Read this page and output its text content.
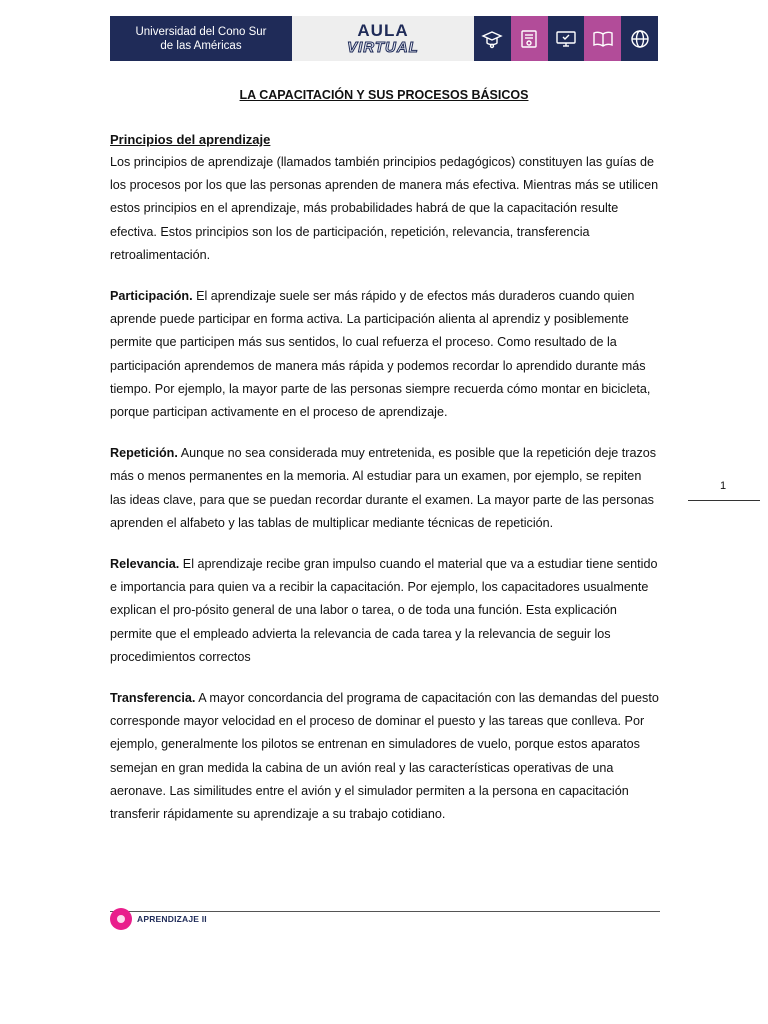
Universidad del Cono Sur
de las Américas
AULA
VIRTUAL
LA CAPACITACIÓN Y SUS PROCESOS BÁSICOS
Principios del aprendizaje

Los principios de aprendizaje (llamados también principios pedagógicos) constituyen las guías de los procesos por los que las personas aprenden de manera más efectiva. Mientras más se utilicen estos principios en el aprendizaje, más probabilidades habrá de que la capacitación resulte efectiva. Estos principios son los de participación, repetición, relevancia, transferencia retroalimentación.

Participación. El aprendizaje suele ser más rápido y de efectos más duraderos cuando quien aprende puede participar en forma activa. La participación alienta al aprendiz y posiblemente permite que participen más sus sentidos, lo cual refuerza el proceso. Como resultado de la participación aprendemos de manera más rápida y podemos recordar lo aprendido durante más tiempo. Por ejemplo, la mayor parte de las personas siempre recuerda cómo montar en bicicleta, porque participan activamente en el proceso de aprendizaje.

Repetición. Aunque no sea considerada muy entretenida, es posible que la repetición deje trazos más o menos permanentes en la memoria. Al estudiar para un examen, por ejemplo, se repiten las ideas clave, para que se puedan recordar durante el examen. La mayor parte de las personas aprenden el alfabeto y las tablas de multiplicar mediante técnicas de repetición.

Relevancia. El aprendizaje recibe gran impulso cuando el material que va a estudiar tiene sentido e importancia para quien va a recibir la capacitación. Por ejemplo, los capacitadores usualmente explican el pro-pósito general de una labor o tarea, o de toda una función. Esta explicación permite que el empleado advierta la relevancia de cada tarea y la relevancia de seguir los procedimientos correctos

Transferencia. A mayor concordancia del programa de capacitación con las demandas del puesto corresponde mayor velocidad en el proceso de dominar el puesto y las tareas que conlleva. Por ejemplo, generalmente los pilotos se entrenan en simuladores de vuelo, porque estos aparatos semejan en gran medida la cabina de un avión real y las características operativas de una aeronave. Las similitudes entre el avión y el simulador permiten a la persona en capacitación transferir rápidamente su aprendizaje a su trabajo cotidiano.

1
APRENDIZAJE II
